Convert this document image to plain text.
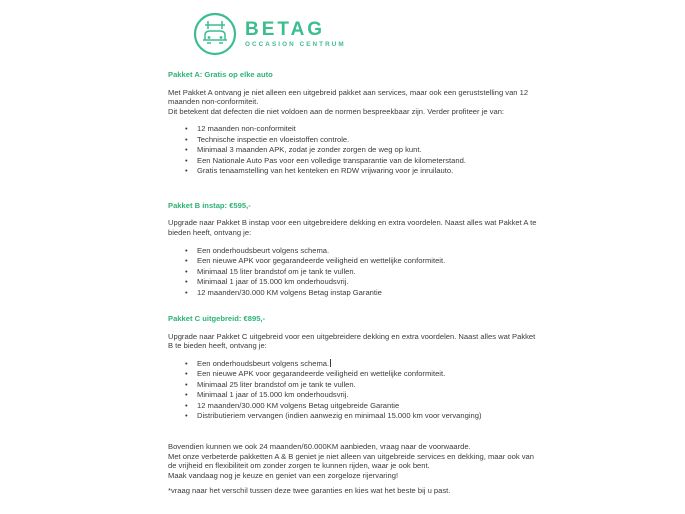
BETAG
OCCASION CENTRUM
Pakket A: Gratis op elke auto
Met Pakket A ontvang je niet alleen een uitgebreid pakket aan services, maar ook een geruststelling van 12 maanden non-conformiteit.
Dit betekent dat defecten die niet voldoen aan de normen bespreekbaar zijn. Verder profiteer je van:
• 12 maanden non-conformiteit
• Technische inspectie en vloeistoffen controle.
• Minimaal 3 maanden APK, zodat je zonder zorgen de weg op kunt.
• Een Nationale Auto Pas voor een volledige transparantie van de kilometerstand.
• Gratis tenaamstelling van het kenteken en RDW vrijwaring voor je inruilauto.
Pakket B instap: €595,-
Upgrade naar Pakket B instap voor een uitgebreidere dekking en extra voordelen. Naast alles wat Pakket A te bieden heeft, ontvang je:
• Een onderhoudsbeurt volgens schema.
• Een nieuwe APK voor gegarandeerde veiligheid en wettelijke conformiteit.
• Minimaal 15 liter brandstof om je tank te vullen.
• Minimaal 1 jaar of 15.000 km onderhoudsvrij.
• 12 maanden/30.000 KM volgens Betag instap Garantie
Pakket C uitgebreid: €895,-
Upgrade naar Pakket C uitgebreid voor een uitgebreidere dekking en extra voordelen. Naast alles wat Pakket B te bieden heeft, ontvang je:
• Een onderhoudsbeurt volgens schema.
• Een nieuwe APK voor gegarandeerde veiligheid en wettelijke conformiteit.
• Minimaal 25 liter brandstof om je tank te vullen.
• Minimaal 1 jaar of 15.000 km onderhoudsvrij.
• 12 maanden/30.000 KM volgens Betag uitgebreide Garantie
• Distributieriem vervangen (indien aanwezig en minimaal 15.000 km voor vervanging)
Bovendien kunnen we ook 24 maanden/60.000KM aanbieden, vraag naar de voorwaarde.
Met onze verbeterde pakketten A & B geniet je niet alleen van uitgebreide services en dekking, maar ook van de vrijheid en flexibiliteit om zonder zorgen te kunnen rijden, waar je ook bent.
Maak vandaag nog je keuze en geniet van een zorgeloze rijervaring!
*vraag naar het verschil tussen deze twee garanties en kies wat het beste bij u past.
